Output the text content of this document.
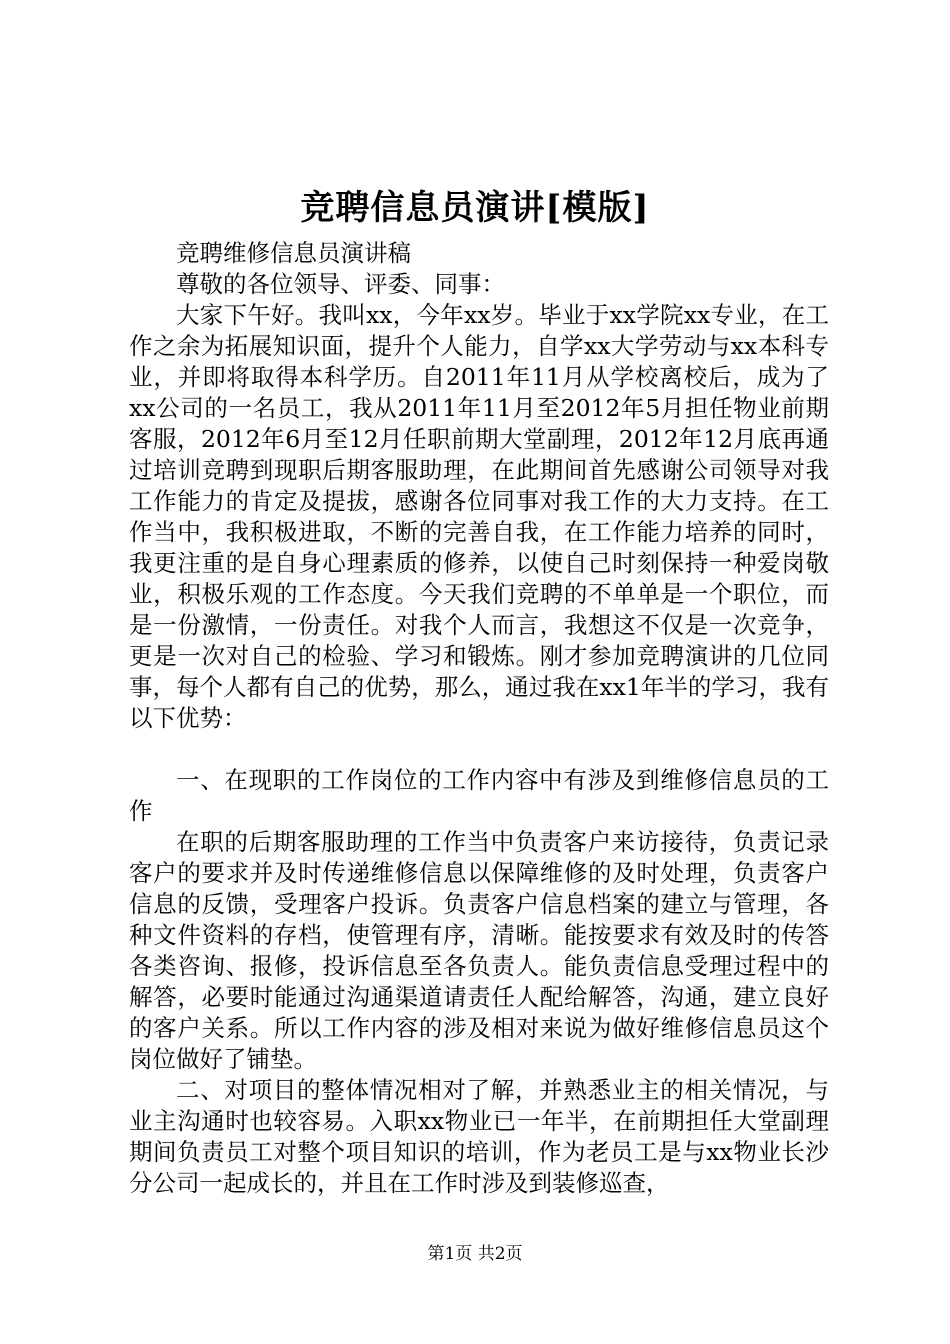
竞聘信息员演讲[模版]

竞聘维修信息员演讲稿

尊敬的各位领导、评委、同事：

大家下午好。我叫xx，今年xx岁。毕业于xx学院xx专业，在工作之余为拓展知识面，提升个人能力，自学xx大学劳动与xx本科专业，并即将取得本科学历。自2011年11月从学校离校后，成为了xx公司的一名员工，我从2011年11月至2012年5月担任物业前期客服，2012年6月至12月任职前期大堂副理，2012年12月底再通过培训竞聘到现职后期客服助理，在此期间首先感谢公司领导对我工作能力的肯定及提拔，感谢各位同事对我工作的大力支持。在工作当中，我积极进取，不断的完善自我，在工作能力培养的同时，我更注重的是自身心理素质的修养，以使自己时刻保持一种爱岗敬业，积极乐观的工作态度。今天我们竞聘的不单单是一个职位，而是一份激情，一份责任。对我个人而言，我想这不仅是一次竞争，更是一次对自己的检验、学习和锻炼。刚才参加竞聘演讲的几位同事，每个人都有自己的优势，那么，通过我在xx1年半的学习，我有以下优势：

一、在现职的工作岗位的工作内容中有涉及到维修信息员的工作

在职的后期客服助理的工作当中负责客户来访接待，负责记录客户的要求并及时传递维修信息以保障维修的及时处理，负责客户信息的反馈，受理客户投诉。负责客户信息档案的建立与管理，各种文件资料的存档，使管理有序，清晰。能按要求有效及时的传答各类咨询、报修，投诉信息至各负责人。能负责信息受理过程中的解答，必要时能通过沟通渠道请责任人配给解答，沟通，建立良好的客户关系。所以工作内容的涉及相对来说为做好维修信息员这个岗位做好了铺垫。

二、对项目的整体情况相对了解，并熟悉业主的相关情况，与业主沟通时也较容易。入职xx物业已一年半，在前期担任大堂副理期间负责员工对整个项目知识的培训，作为老员工是与xx物业长沙分公司一起成长的，并且在工作时涉及到装修巡查，

第1页 共2页
